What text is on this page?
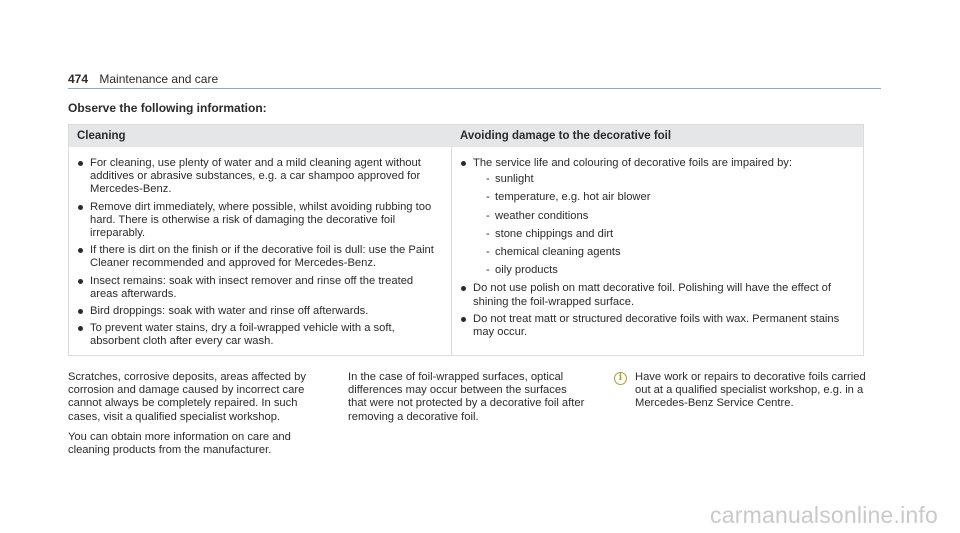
474 Maintenance and care
Observe the following information:
Cleaning	Avoiding damage to the decorative foil
For cleaning, use plenty of water and a mild cleaning agent without additives or abrasive substances, e.g. a car shampoo approved for Mercedes-Benz.
Remove dirt immediately, where possible, whilst avoiding rubbing too hard. There is otherwise a risk of damaging the decorative foil irreparably.
If there is dirt on the finish or if the decorative foil is dull: use the Paint Cleaner recommended and approved for Mercedes-Benz.
Insect remains: soak with insect remover and rinse off the treated areas afterwards.
Bird droppings: soak with water and rinse off afterwards.
To prevent water stains, dry a foil-wrapped vehicle with a soft, absorbent cloth after every car wash.
The service life and colouring of decorative foils are impaired by:
- sunlight
- temperature, e.g. hot air blower
- weather conditions
- stone chippings and dirt
- chemical cleaning agents
- oily products
Do not use polish on matt decorative foil. Polishing will have the effect of shining the foil-wrapped surface.
Do not treat matt or structured decorative foils with wax. Permanent stains may occur.

Scratches, corrosive deposits, areas affected by corrosion and damage caused by incorrect care cannot always be completely repaired. In such cases, visit a qualified specialist workshop.

You can obtain more information on care and cleaning products from the manufacturer.

In the case of foil-wrapped surfaces, optical differences may occur between the surfaces that were not protected by a decorative foil after removing a decorative foil.

i	Have work or repairs to decorative foils carried out at a qualified specialist workshop, e.g. in a Mercedes-Benz Service Centre.

carmanualsonline.info
